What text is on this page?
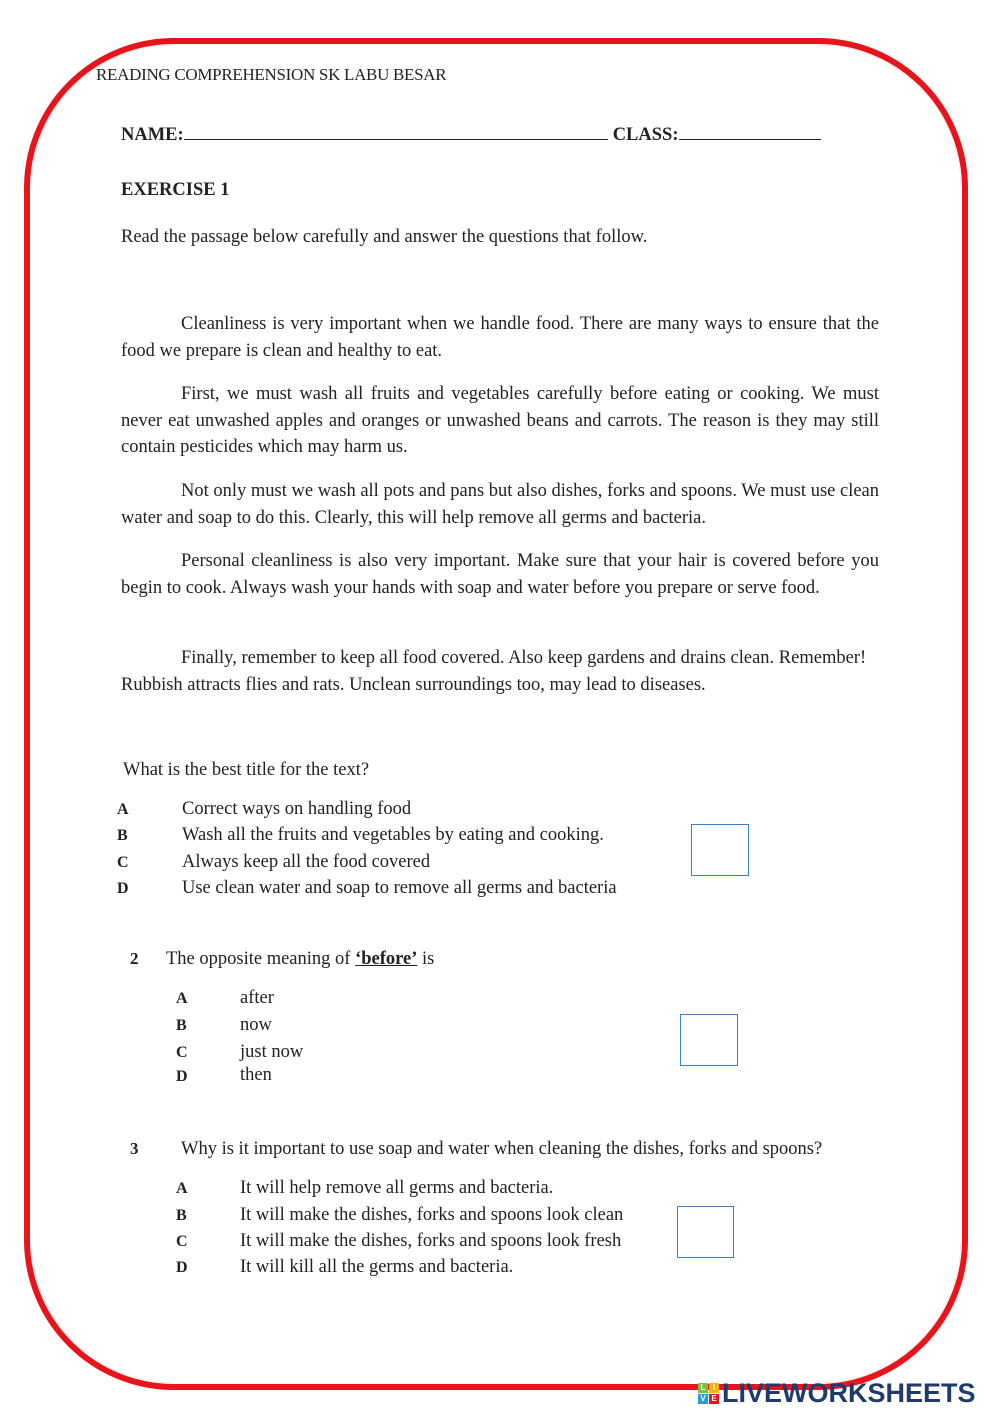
READING COMPREHENSION SK LABU BESAR
NAME:	CLASS:
EXERCISE 1
Read the passage below carefully and answer the questions that follow.
Cleanliness is very important when we handle food. There are many ways to ensure that the food we prepare is clean and healthy to eat.
First, we must wash all fruits and vegetables carefully before eating or cooking. We must never eat unwashed apples and oranges or unwashed beans and carrots. The reason is they may still contain pesticides which may harm us.
Not only must we wash all pots and pans but also dishes, forks and spoons. We must use clean water and soap to do this. Clearly, this will help remove all germs and bacteria.
Personal cleanliness is also very important. Make sure that your hair is covered before you begin to cook. Always wash your hands with soap and water before you prepare or serve food.
Finally, remember to keep all food covered. Also keep gardens and drains clean. Remember! Rubbish attracts flies and rats. Unclean surroundings too, may lead to diseases.
What is the best title for the text?
A	Correct ways on handling food
B	Wash all the fruits and vegetables by eating and cooking.
C	Always keep all the food covered
D	Use clean water and soap to remove all germs and bacteria
2 The opposite meaning of ‘before’ is
A	after
B	now
C	just now
D	then
3 Why is it important to use soap and water when cleaning the dishes, forks and spoons?
A	It will help remove all germs and bacteria.
B	It will make the dishes, forks and spoons look clean
C	It will make the dishes, forks and spoons look fresh
D	It will kill all the germs and bacteria.
L I
V E LIVEWORKSHEETS
